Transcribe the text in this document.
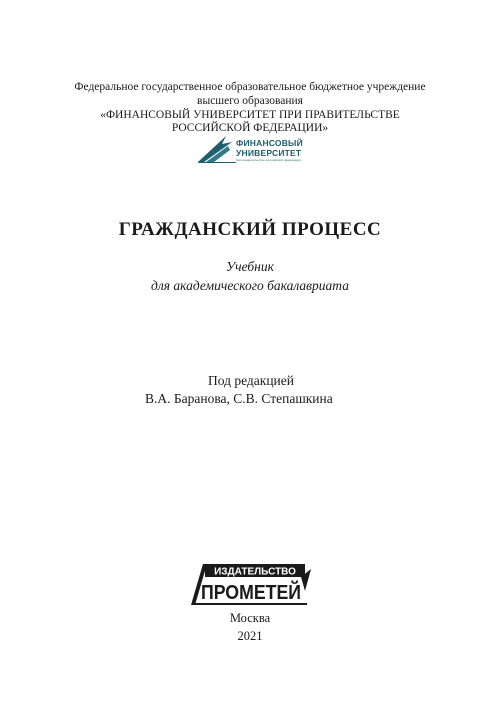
Федеральное государственное образовательное бюджетное учреждение
высшего образования
«ФИНАНСОВЫЙ УНИВЕРСИТЕТ ПРИ ПРАВИТЕЛЬСТВЕ
РОССИЙСКОЙ ФЕДЕРАЦИИ»
ФИНАНСОВЫЙ
УНИВЕРСИТЕТ
при правительстве российской федерации
ГРАЖДАНСКИЙ ПРОЦЕСС
Учебник
для академического бакалавриата
Под редакцией
В.А. Баранова, С.В. Степашкина
ИЗДАТЕЛЬСТВО
ПРОМЕТЕЙ
Москва
2021
